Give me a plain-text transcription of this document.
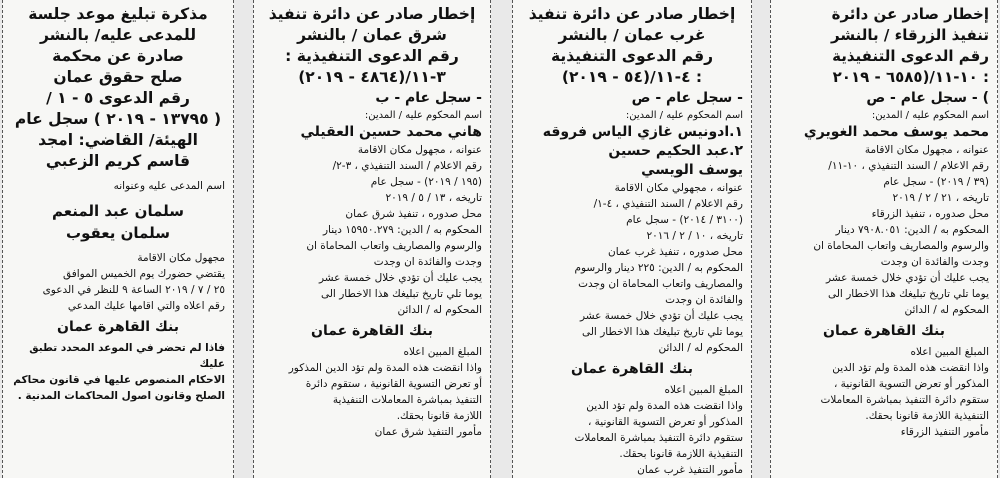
مذكرة تبليغ موعد جلسة

للمدعى عليه/ بالنشر

صادرة عن محكمة

صلح حقوق عمان

رقم الدعوى ٥ - ١ /

( ١٣٧٩٥ - ٢٠١٩ ) سجل عام

الهيئة/ القاضي: امجد

قاسم كريم الزعبي

اسم المدعى عليه وعنوانه

سلمان عبد المنعم

سلمان يعقوب

مجهول مكان الاقامة

يقتضي حضورك يوم الخميس الموافق

٢٥ / ٧ / ٢٠١٩ الساعة ٩ للنظر في الدعوى

رقم اعلاه والتي اقامها عليك المدعي

بنك القاهرة عمان

فاذا لم تحضر في الموعد المحدد تطبق عليك

الاحكام المنصوص عليها في قانون محاكم

الصلح وقانون اصول المحاكمات المدنية .

إخطار صادر عن دائرة تنفيذ

شرق عمان / بالنشر

رقم الدعوى التنفيذية :

٣-١١/(٤٨٦٤ - ٢٠١٩)

- سجل عام - ب

اسم المحكوم عليه / المدين:

هاني محمد حسين العقيلي

عنوانه ، مجهول مكان الاقامة

رقم الاعلام / السند التنفيذي ، ٣-٢/

(١٩٥ / ٢٠١٩) - سجل عام

تاريخه ، ١٣ / ٥ / ٢٠١٩

محل صدوره ، تنفيذ شرق عمان

المحكوم به / الدين: ١٥٩٥٠.٢٧٩ دينار

والرسوم والمصاريف واتعاب المحاماة ان

وجدت والفائدة ان وجدت

يجب عليك أن تؤدي خلال خمسة عشر

يوما تلي تاريخ تبليغك هذا الاخطار الى

المحكوم له / الدائن

بنك القاهرة عمان

المبلغ المبين اعلاه

واذا انقضت هذه المدة ولم تؤد الدين المذكور

أو تعرض التسوية القانونية ، ستقوم دائرة

التنفيذ بمباشرة المعاملات التنفيذية

اللازمة قانونا بحقك.

مأمور التنفيذ شرق عمان

إخطار صادر عن دائرة تنفيذ

غرب عمان / بالنشر

رقم الدعوى التنفيذية

: ٤-١١/(٥٤ - ٢٠١٩)

- سجل عام - ص

اسم المحكوم عليه / المدين:

١.ادونيس غازي الياس فروقه

٢.عبد الحكيم حسين

يوسف الويسي

عنوانه ، مجهولي مكان الاقامة

رقم الاعلام / السند التنفيذي ، ٤-١/

(٣١٠٠ / ٢٠١٤) - سجل عام

تاريخه ، ١٠ / ٢ / ٢٠١٦

محل صدوره ، تنفيذ غرب عمان

المحكوم به / الدين: ٢٢٥ دينار والرسوم

والمصاريف واتعاب المحاماة ان وجدت

والفائدة ان وجدت

يجب عليك أن تؤدي خلال خمسة عشر

يوما تلي تاريخ تبليغك هذا الاخطار الى

المحكوم له / الدائن

بنك القاهرة عمان

المبلغ المبين اعلاه

واذا انقضت هذه المدة ولم تؤد الدين

المذكور أو تعرض التسوية القانونية ،

ستقوم دائرة التنفيذ بمباشرة المعاملات

التنفيذية اللازمة قانونا بحقك.

مأمور التنفيذ غرب عمان

إخطار صادر عن دائرة

تنفيذ الزرقاء / بالنشر

رقم الدعوى التنفيذية

: ١٠-١١/(٦٥٨٥ - ٢٠١٩

) - سجل عام - ص

اسم المحكوم عليه / المدين:

محمد يوسف محمد الغويري

عنوانه ، مجهول مكان الاقامة

رقم الاعلام / السند التنفيذي ، ١٠-١١/

(٣٩ / ٢٠١٩) - سجل عام

تاريخه ، ٢١ / ٢ / ٢٠١٩

محل صدوره ، تنفيذ الزرقاء

المحكوم به / الدين: ٧٩٠٨.٠٥١ دينار

والرسوم والمصاريف واتعاب المحاماة ان

وجدت والفائدة ان وجدت

يجب عليك أن تؤدي خلال خمسة عشر

يوما تلي تاريخ تبليغك هذا الاخطار الى

المحكوم له / الدائن

بنك القاهرة عمان

المبلغ المبين اعلاه

واذا انقضت هذه المدة ولم تؤد الدين

المذكور أو تعرض التسوية القانونية ،

ستقوم دائرة التنفيذ بمباشرة المعاملات

التنفيذية اللازمة قانونا بحقك.

مأمور التنفيذ الزرقاء
